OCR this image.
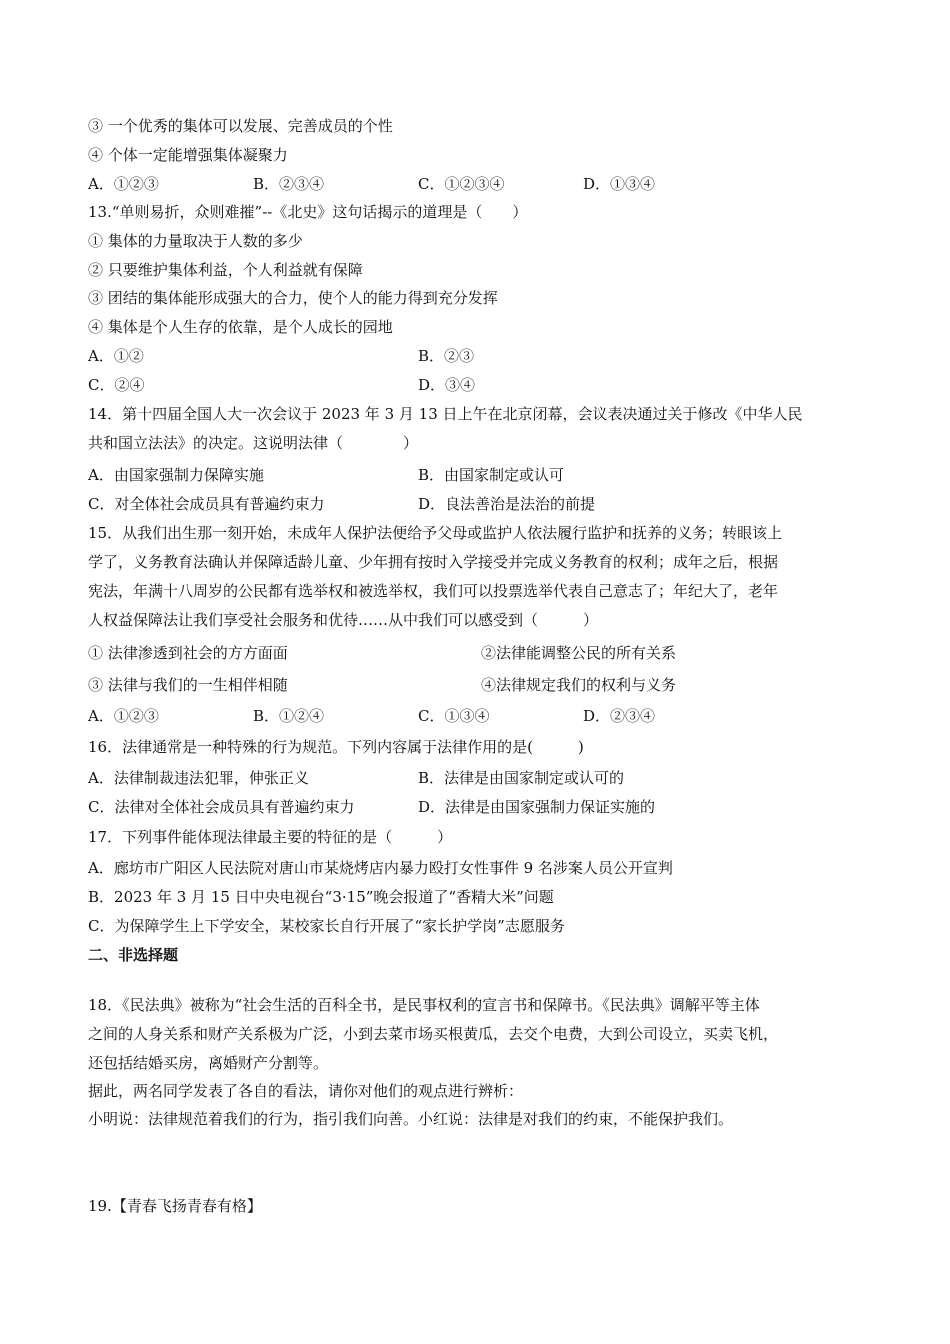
③ 一个优秀的集体可以发展、完善成员的个性
④ 个体一定能增强集体凝聚力
A．①②③	B．②③④	C．①②③④	D．①③④
13.“单则易折，众则难摧”--《北史》这句话揭示的道理是（　　）
① 集体的力量取决于人数的多少
② 只要维护集体利益，个人利益就有保障
③ 团结的集体能形成强大的合力，使个人的能力得到充分发挥
④ 集体是个人生存的依靠，是个人成长的园地
A．①②	B．②③
C．②④	D．③④
14．第十四届全国人大一次会议于 2023 年 3 月 13 日上午在北京闭幕，会议表决通过关于修改《中华人民
共和国立法法》的决定。这说明法律（　　　　）
A．由国家强制力保障实施	B．由国家制定或认可
C．对全体社会成员具有普遍约束力	D．良法善治是法治的前提
15．从我们出生那一刻开始，未成年人保护法便给予父母或监护人依法履行监护和抚养的义务；转眼该上
学了，义务教育法确认并保障适龄儿童、少年拥有按时入学接受并完成义务教育的权利；成年之后，根据
宪法，年满十八周岁的公民都有选举权和被选举权，我们可以投票选举代表自己意志了；年纪大了，老年
人权益保障法让我们享受社会服务和优待……从中我们可以感受到（　　　）
① 法律渗透到社会的方方面面	②法律能调整公民的所有关系
③ 法律与我们的一生相伴相随	④法律规定我们的权利与义务
A．①②③	B．①②④	C．①③④	D．②③④
16．法律通常是一种特殊的行为规范。下列内容属于法律作用的是(　　　)
A．法律制裁违法犯罪，伸张正义	B．法律是由国家制定或认可的
C．法律对全体社会成员具有普遍约束力	D．法律是由国家强制力保证实施的
17．下列事件能体现法律最主要的特征的是（　　　）
A．廊坊市广阳区人民法院对唐山市某烧烤店内暴力殴打女性事件 9 名涉案人员公开宣判
B．2023 年 3 月 15 日中央电视台“3·15”晚会报道了“香精大米”问题
C．为保障学生上下学安全，某校家长自行开展了“家长护学岗”志愿服务
二、非选择题
18．《民法典》被称为“社会生活的百科全书，是民事权利的宣言书和保障书。《民法典》调解平等主体
之间的人身关系和财产关系极为广泛，小到去菜市场买根黄瓜，去交个电费，大到公司设立，买卖飞机，
还包括结婚买房，离婚财产分割等。
据此，两名同学发表了各自的看法，请你对他们的观点进行辨析：
小明说：法律规范着我们的行为，指引我们向善。小红说：法律是对我们的约束，不能保护我们。
19.【青春飞扬青春有格】
